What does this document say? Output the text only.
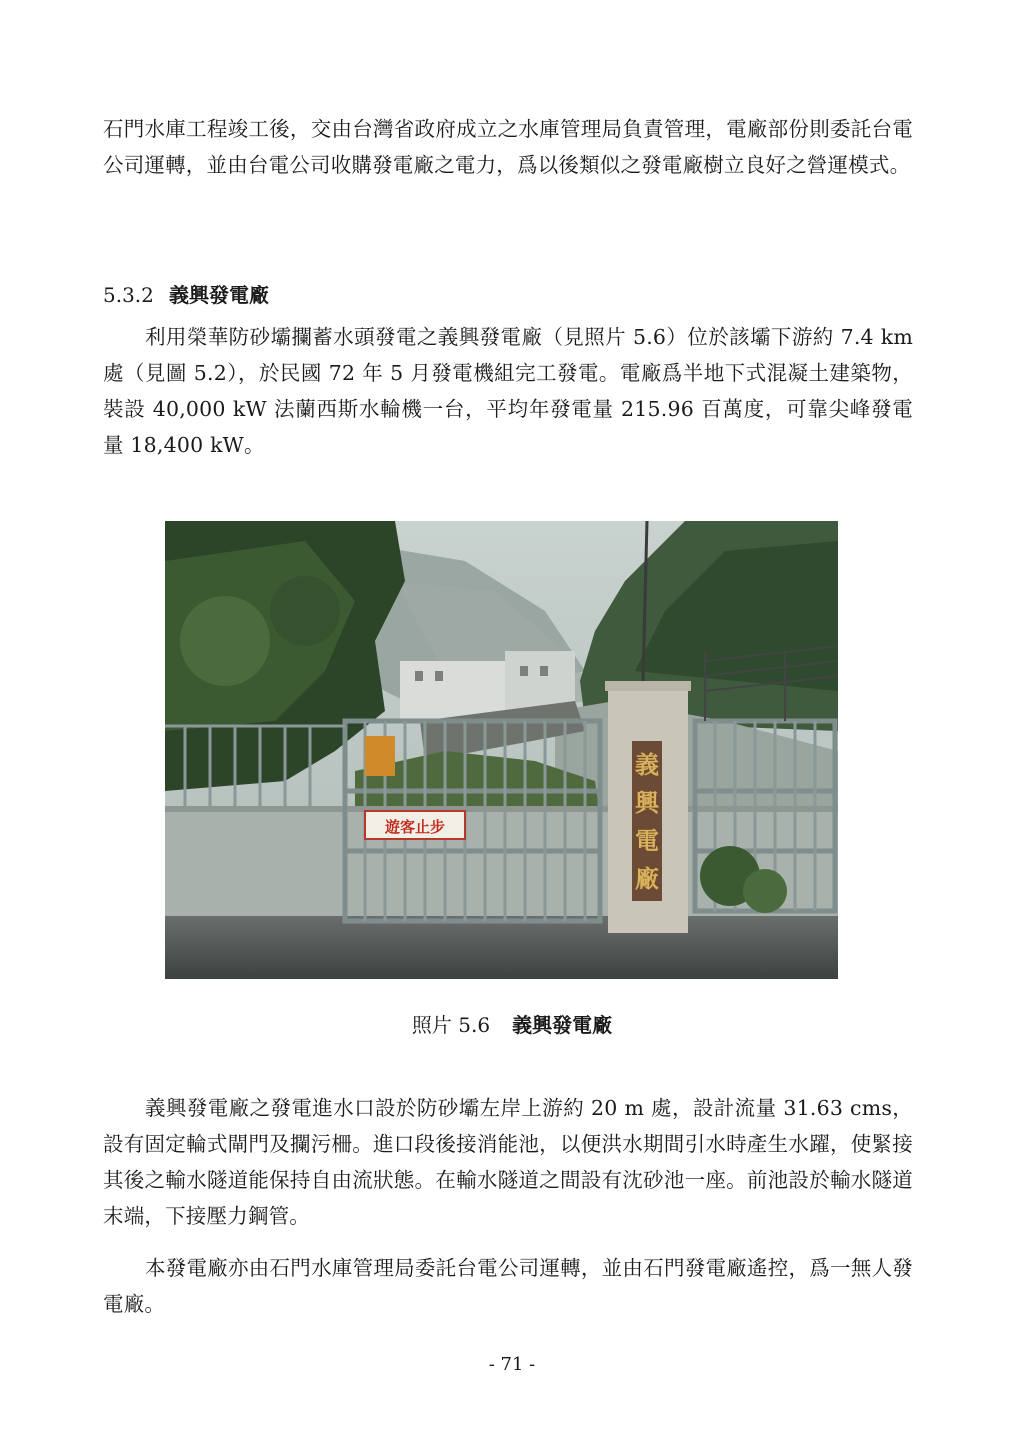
石門水庫工程竣工後，交由台灣省政府成立之水庫管理局負責管理，電廠部份則委託台電公司運轉，並由台電公司收購發電廠之電力，爲以後類似之發電廠樹立良好之營運模式。

5.3.2 義興發電廠

利用榮華防砂壩攔蓄水頭發電之義興發電廠（見照片 5.6）位於該壩下游約 7.4 km 處（見圖 5.2），於民國 72 年 5 月發電機組完工發電。電廠爲半地下式混凝土建築物，裝設 40,000 kW 法蘭西斯水輪機一台，平均年發電量 215.96 百萬度，可靠尖峰發電量 18,400 kW。

遊客止步
義
興
電
廠

照片 5.6 義興發電廠

義興發電廠之發電進水口設於防砂壩左岸上游約 20 m 處，設計流量 31.63 cms，設有固定輪式閘門及攔污柵。進口段後接消能池，以便洪水期間引水時產生水躍，使緊接其後之輸水隧道能保持自由流狀態。在輸水隧道之間設有沈砂池一座。前池設於輸水隧道末端，下接壓力鋼管。

本發電廠亦由石門水庫管理局委託台電公司運轉，並由石門發電廠遙控，爲一無人發電廠。

- 71 -
